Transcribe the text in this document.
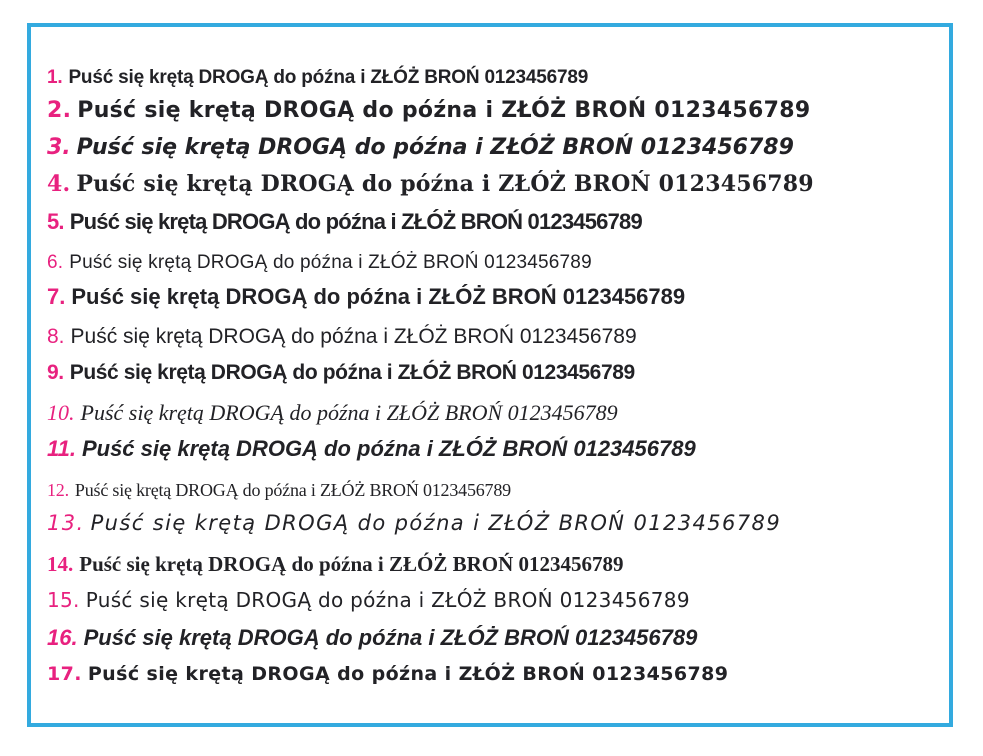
1. Puść się krętą DROGĄ do późna i ZŁÓŻ BROŃ 0123456789
2. Puść się krętą DROGĄ do późna i ZŁÓŻ BROŃ 0123456789
3. Puść się krętą DROGĄ do późna i ZŁÓŻ BROŃ 0123456789
4. Puść się krętą DROGĄ do późna i ZŁÓŻ BROŃ 0123456789
5. Puść się krętą DROGĄ do późna i ZŁÓŻ BROŃ 0123456789
6. Puść się krętą DROGĄ do późna i ZŁÓŻ BROŃ 0123456789
7. Puść się krętą DROGĄ do późna i ZŁÓŻ BROŃ 0123456789
8. Puść się krętą DROGĄ do późna i ZŁÓŻ BROŃ 0123456789
9. Puść się krętą DROGĄ do późna i ZŁÓŻ BROŃ 0123456789
10. Puść się krętą DROGĄ do późna i ZŁÓŻ BROŃ 0123456789
11. Puść się krętą DROGĄ do późna i ZŁÓŻ BROŃ 0123456789
12. Puść się krętą DROGĄ do późna i ZŁÓŻ BROŃ 0123456789
13. Puść się krętą DROGĄ do późna i ZŁÓŻ BROŃ 0123456789
14. Puść się krętą DROGĄ do późna i ZŁÓŻ BROŃ 0123456789
15. Puść się krętą DROGĄ do późna i ZŁÓŻ BROŃ 0123456789
16. Puść się krętą DROGĄ do późna i ZŁÓŻ BROŃ 0123456789
17. Puść się krętą DROGĄ do późna i ZŁÓŻ BROŃ 0123456789
